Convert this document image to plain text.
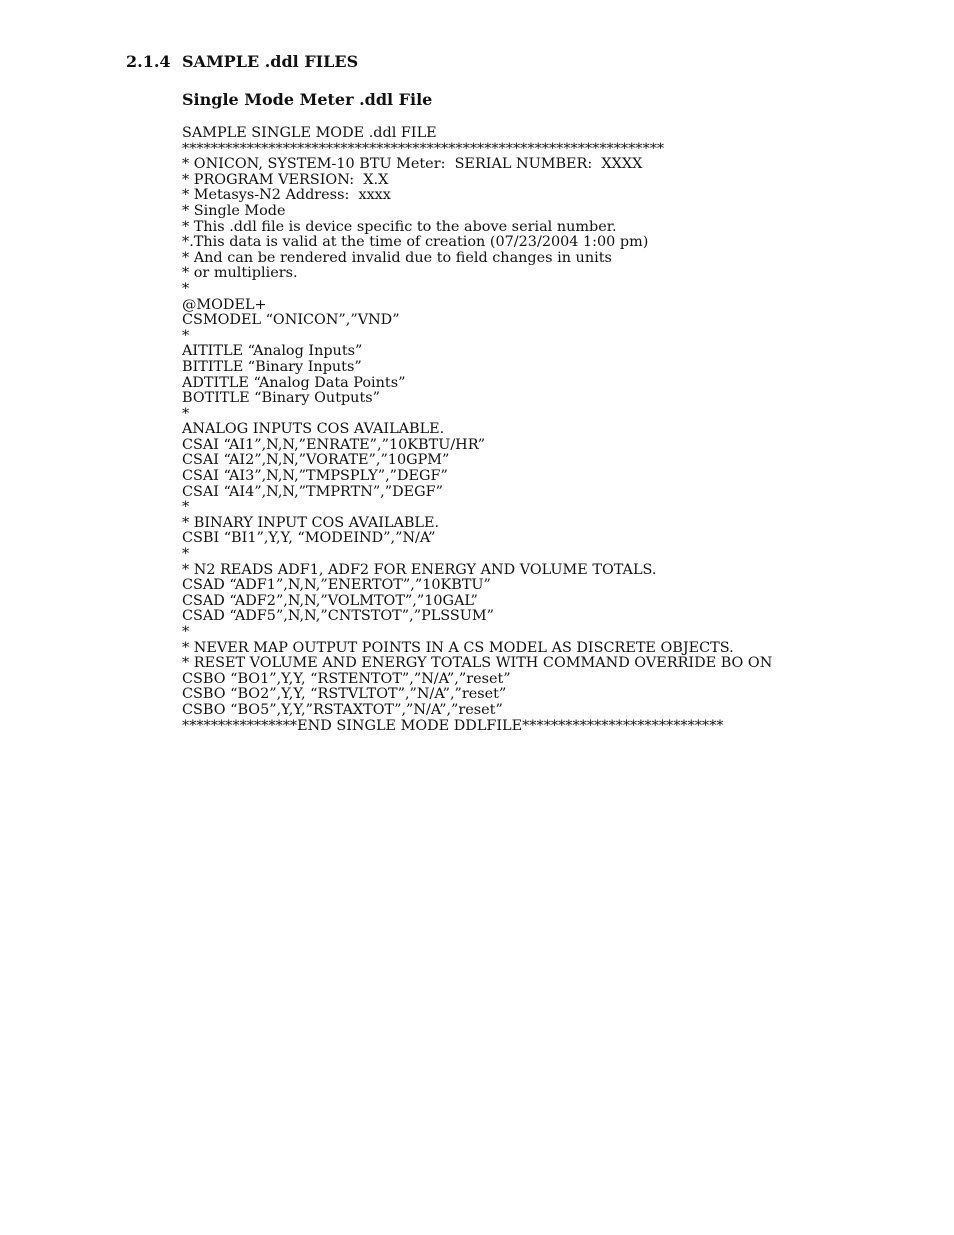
2.1.4 SAMPLE .ddl FILES
Single Mode Meter .ddl File
SAMPLE SINGLE MODE .ddl FILE
*******************************************************************
* ONICON, SYSTEM-10 BTU Meter:  SERIAL NUMBER:  XXXX
* PROGRAM VERSION:  X.X
* Metasys-N2 Address:  xxxx
* Single Mode
* This .ddl file is device specific to the above serial number.
*.This data is valid at the time of creation (07/23/2004 1:00 pm)
* And can be rendered invalid due to field changes in units
* or multipliers.
*
@MODEL+
CSMODEL “ONICON”,”VND”
*
AITITLE “Analog Inputs”
BITITLE “Binary Inputs”
ADTITLE “Analog Data Points”
BOTITLE “Binary Outputs”
*
ANALOG INPUTS COS AVAILABLE.
CSAI “AI1”,N,N,”ENRATE”,”10KBTU/HR”
CSAI “AI2”,N,N,”VORATE”,”10GPM”
CSAI “AI3”,N,N,”TMPSPLY”,”DEGF”
CSAI “AI4”,N,N,”TMPRTN”,”DEGF”
*
* BINARY INPUT COS AVAILABLE.
CSBI “BI1”,Y,Y, “MODEIND”,”N/A”
*
* N2 READS ADF1, ADF2 FOR ENERGY AND VOLUME TOTALS.
CSAD “ADF1”,N,N,”ENERTOT”,”10KBTU”
CSAD “ADF2”,N,N,”VOLMTOT”,”10GAL”
CSAD “ADF5”,N,N,”CNTSTOT”,”PLSSUM”
*
* NEVER MAP OUTPUT POINTS IN A CS MODEL AS DISCRETE OBJECTS.
* RESET VOLUME AND ENERGY TOTALS WITH COMMAND OVERRIDE BO ON
CSBO “BO1”,Y,Y, “RSTENTOT”,”N/A”,”reset”
CSBO “BO2”,Y,Y, “RSTVLTOT”,”N/A”,”reset”
CSBO “BO5”,Y,Y,”RSTAXTOT”,”N/A”,”reset”
****************END SINGLE MODE DDLFILE****************************
